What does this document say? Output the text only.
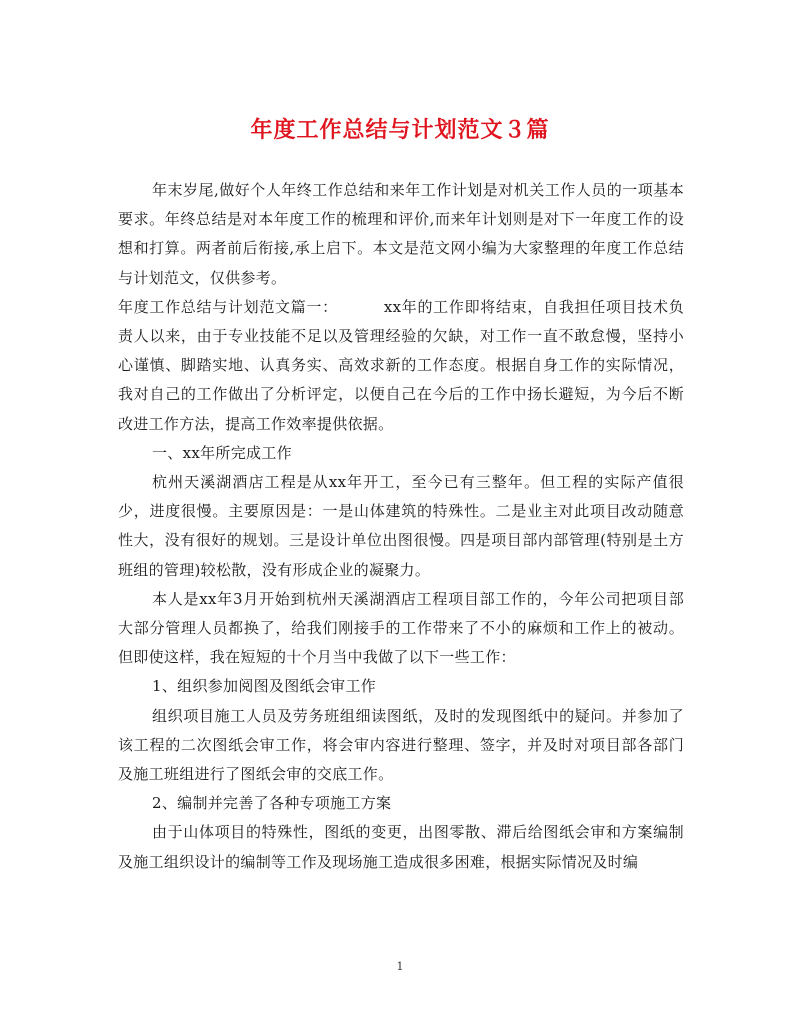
年度工作总结与计划范文３篇

年末岁尾,做好个人年终工作总结和来年工作计划是对机关工作人员的一项基本要求。年终总结是对本年度工作的梳理和评价,而来年计划则是对下一年度工作的设想和打算。两者前后衔接,承上启下。本文是范文网小编为大家整理的年度工作总结与计划范文，仅供参考。

年度工作总结与计划范文篇一：	xx年的工作即将结束，自我担任项目技术负责人以来，由于专业技能不足以及管理经验的欠缺，对工作一直不敢怠慢，坚持小心谨慎、脚踏实地、认真务实、高效求新的工作态度。根据自身工作的实际情况，我对自己的工作做出了分析评定，以便自己在今后的工作中扬长避短，为今后不断改进工作方法，提高工作效率提供依据。

一、xx年所完成工作

杭州天溪湖酒店工程是从xx年开工，至今已有三整年。但工程的实际产值很少，进度很慢。主要原因是：一是山体建筑的特殊性。二是业主对此项目改动随意性大，没有很好的规划。三是设计单位出图很慢。四是项目部内部管理(特别是土方班组的管理)较松散，没有形成企业的凝聚力。

本人是xx年3月开始到杭州天溪湖酒店工程项目部工作的，今年公司把项目部大部分管理人员都换了，给我们刚接手的工作带来了不小的麻烦和工作上的被动。但即使这样，我在短短的十个月当中我做了以下一些工作：

1、组织参加阅图及图纸会审工作

组织项目施工人员及劳务班组细读图纸，及时的发现图纸中的疑问。并参加了该工程的二次图纸会审工作，将会审内容进行整理、签字，并及时对项目部各部门及施工班组进行了图纸会审的交底工作。

2、编制并完善了各种专项施工方案

由于山体项目的特殊性，图纸的变更，出图零散、滞后给图纸会审和方案编制及施工组织设计的编制等工作及现场施工造成很多困难，根据实际情况及时编

1
